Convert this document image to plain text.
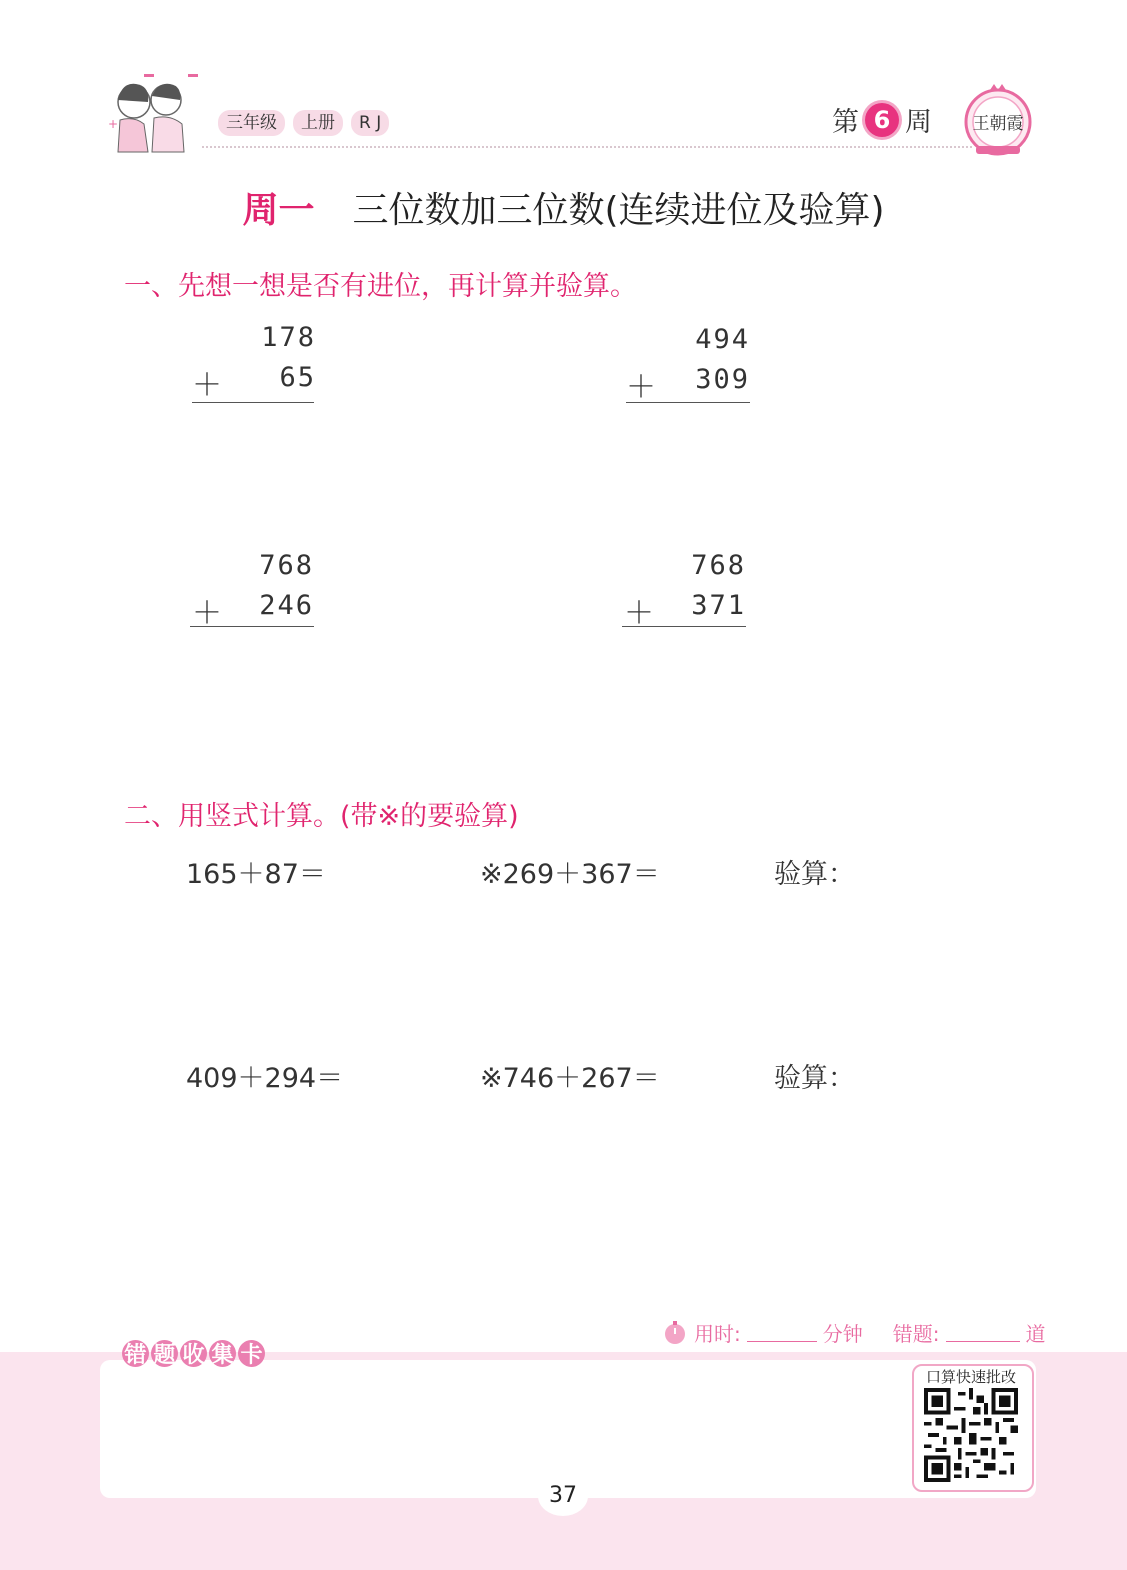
+	三年级	上册	R J	第 6 周 王朝霞
周一 三位数加三位数(连续进位及验算)
一、先想一想是否有进位，再计算并验算。
178
＋ 65
494
＋ 309
768
＋ 246
768
＋ 371
二、用竖式计算。(带※的要验算)
165＋87＝	※269＋367＝	验算：
409＋294＝	※746＋267＝	验算：
用时:	分钟 错题:	道
错 题 收 集 卡
口算快速批改
37
